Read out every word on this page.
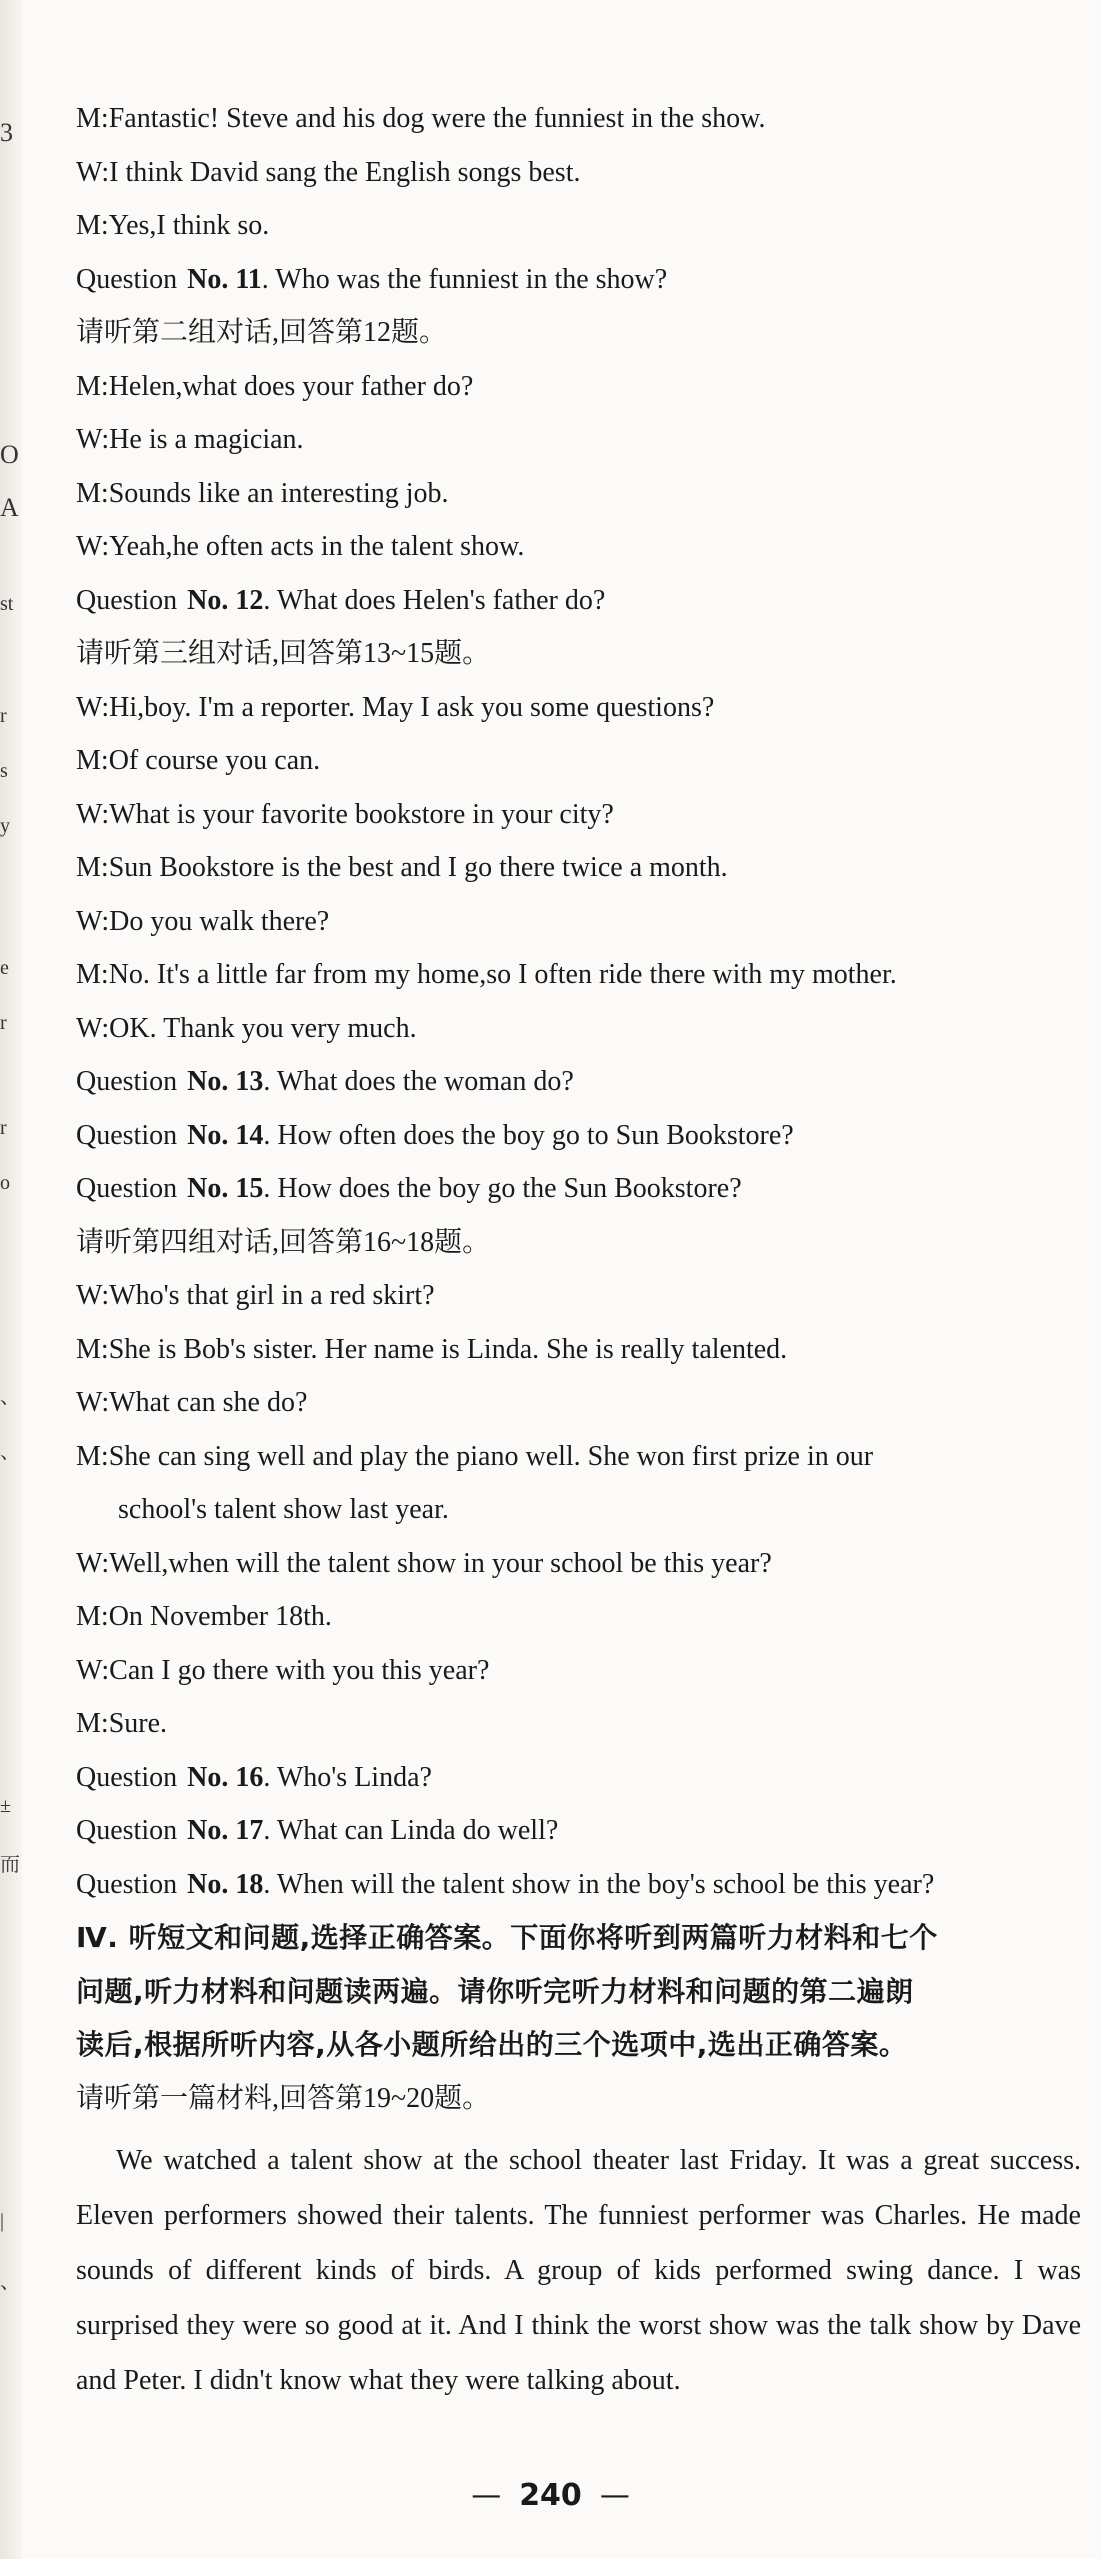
3
O
A
st
r
s
y
e
r
r
o
、
、
±
而
|
、
M:Fantastic! Steve and his dog were the funniest in the show.
W:I think David sang the English songs best.
M:Yes,I think so.
Question No. 11. Who was the funniest in the show?
请听第二组对话,回答第12题。
M:Helen,what does your father do?
W:He is a magician.
M:Sounds like an interesting job.
W:Yeah,he often acts in the talent show.
Question No. 12. What does Helen's father do?
请听第三组对话,回答第13~15题。
W:Hi,boy. I'm a reporter. May I ask you some questions?
M:Of course you can.
W:What is your favorite bookstore in your city?
M:Sun Bookstore is the best and I go there twice a month.
W:Do you walk there?
M:No. It's a little far from my home,so I often ride there with my mother.
W:OK. Thank you very much.
Question No. 13. What does the woman do?
Question No. 14. How often does the boy go to Sun Bookstore?
Question No. 15. How does the boy go the Sun Bookstore?
请听第四组对话,回答第16~18题。
W:Who's that girl in a red skirt?
M:She is Bob's sister. Her name is Linda. She is really talented.
W:What can she do?
M:She can sing well and play the piano well. She won first prize in our
school's talent show last year.
W:Well,when will the talent show in your school be this year?
M:On November 18th.
W:Can I go there with you this year?
M:Sure.
Question No. 16. Who's Linda?
Question No. 17. What can Linda do well?
Question No. 18. When will the talent show in the boy's school be this year?
Ⅳ. 听短文和问题,选择正确答案。下面你将听到两篇听力材料和七个
问题,听力材料和问题读两遍。请你听完听力材料和问题的第二遍朗
读后,根据所听内容,从各小题所给出的三个选项中,选出正确答案。
请听第一篇材料,回答第19~20题。
We watched a talent show at the school theater last Friday. It was a great success. Eleven performers showed their talents. The funniest performer was Charles. He made sounds of different kinds of birds. A group of kids performed swing dance. I was surprised they were so good at it. And I think the worst show was the talk show by Dave and Peter. I didn't know what they were talking about.
— 240 —
